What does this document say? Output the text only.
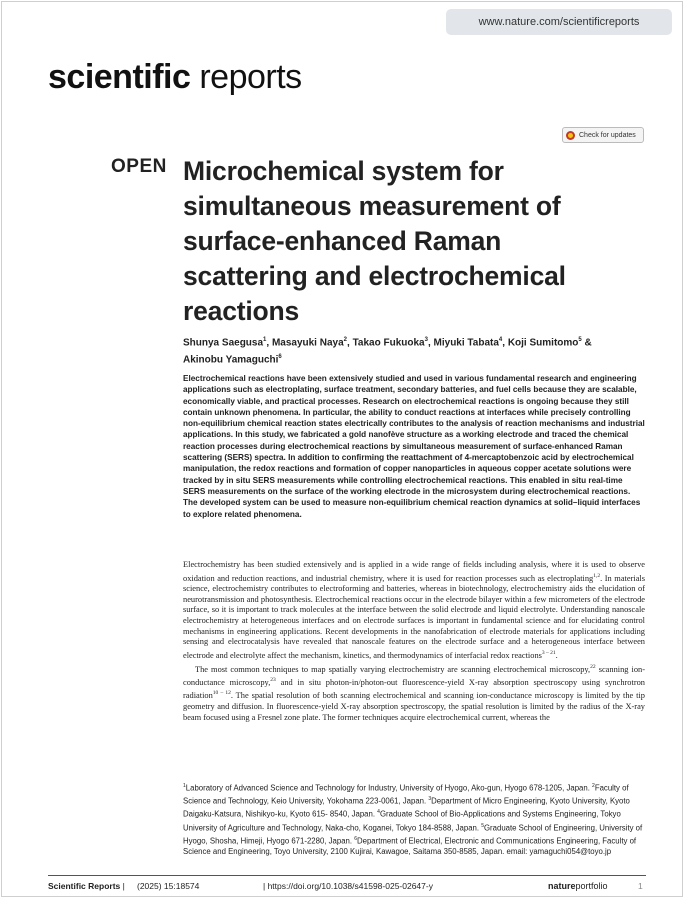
www.nature.com/scientificreports
scientific reports
Check for updates
OPEN Microchemical system for simultaneous measurement of surface-enhanced Raman scattering and electrochemical reactions
Shunya Saegusa$^1$, Masayuki Naya$^2$, Takao Fukuoka$^3$, Miyuki Tabata$^4$, Koji Sumitomo$^5$ & Akinobu Yamaguchi$^6$

Electrochemical reactions have been extensively studied and used in various fundamental research and engineering applications such as electroplating, surface treatment, secondary batteries, and fuel cells because they are scalable, economically viable, and practical processes. Research on electrochemical reactions is ongoing because they still contain unknown phenomena. In particular, the ability to conduct reactions at interfaces while precisely controlling non-equilibrium chemical reaction states electrically contributes to the analysis of reaction mechanisms and industrial applications. In this study, we fabricated a gold nanofève structure as a working electrode and traced the chemical reaction processes during electrochemical reactions by simultaneous measurement of surface-enhanced Raman scattering (SERS) spectra. In addition to confirming the reattachment of 4-mercaptobenzoic acid by electrochemical manipulation, the redox reactions and formation of copper nanoparticles in aqueous copper acetate solutions were tracked by in situ SERS measurements while controlling electrochemical reactions. This enabled in situ real-time SERS measurements on the surface of the working electrode in the microsystem during electrochemical reactions. The developed system can be used to measure non-equilibrium chemical reaction dynamics at solid–liquid interfaces to explore related phenomena.

Electrochemistry has been studied extensively and is applied in a wide range of fields including analysis, where it is used to observe oxidation and reduction reactions, and industrial chemistry, where it is used for reaction processes such as electroplating$^{1,2}$. In materials science, electrochemistry contributes to electroforming and batteries, whereas in biotechnology, electrochemistry aids the elucidation of neurotransmission and photosynthesis. Electrochemical reactions occur in the electrode bilayer within a few micrometers of the electrode surface, so it is important to track molecules at the interface between the solid electrode and liquid electrolyte. Understanding nanoscale electrochemistry at heterogeneous interfaces and on electrode surfaces is important in fundamental science and for elucidating control mechanisms in engineering applications. Recent developments in the nanofabrication of electrode materials for applications including sensing and electrocatalysis have revealed that nanoscale features on the electrode surface and a heterogeneous interface between electrode and electrolyte affect the mechanism, kinetics, and thermodynamics of interfacial redox reactions$^{3 - 21}$.

The most common techniques to map spatially varying electrochemistry are scanning electrochemical microscopy,$^{22}$ scanning ion-conductance microscopy,$^{23}$ and in situ photon-in/photon-out fluorescence-yield X-ray absorption spectroscopy using synchrotron radiation$^{10 - 12}$. The spatial resolution of both scanning electrochemical and scanning ion-conductance microscopy is limited by the tip geometry and diffusion. In fluorescence-yield X-ray absorption spectroscopy, the spatial resolution is limited by the radius of the X-ray beam focused using a Fresnel zone plate. The former techniques acquire electrochemical current, whereas the

$^1$Laboratory of Advanced Science and Technology for Industry, University of Hyogo, Ako-gun, Hyogo 678-1205, Japan. $^2$Faculty of Science and Technology, Keio University, Yokohama 223-0061, Japan. $^3$Department of Micro Engineering, Kyoto University, Kyoto Daigaku-Katsura, Nishikyo-ku, Kyoto 615- 8540, Japan. $^4$Graduate School of Bio-Applications and Systems Engineering, Tokyo University of Agriculture and Technology, Naka-cho, Koganei, Tokyo 184-8588, Japan. $^5$Graduate School of Engineering, University of Hyogo, Shosha, Himeji, Hyogo 671-2280, Japan. $^6$Department of Electrical, Electronic and Communications Engineering, Faculty of Science and Engineering, Toyo University, 2100 Kujirai, Kawagoe, Saitama 350-8585, Japan. email: yamaguchi054@toyo.jp

Scientific Reports | (2025) 15:18574	| https://doi.org/10.1038/s41598-025-02647-y	natureportfolio	1
